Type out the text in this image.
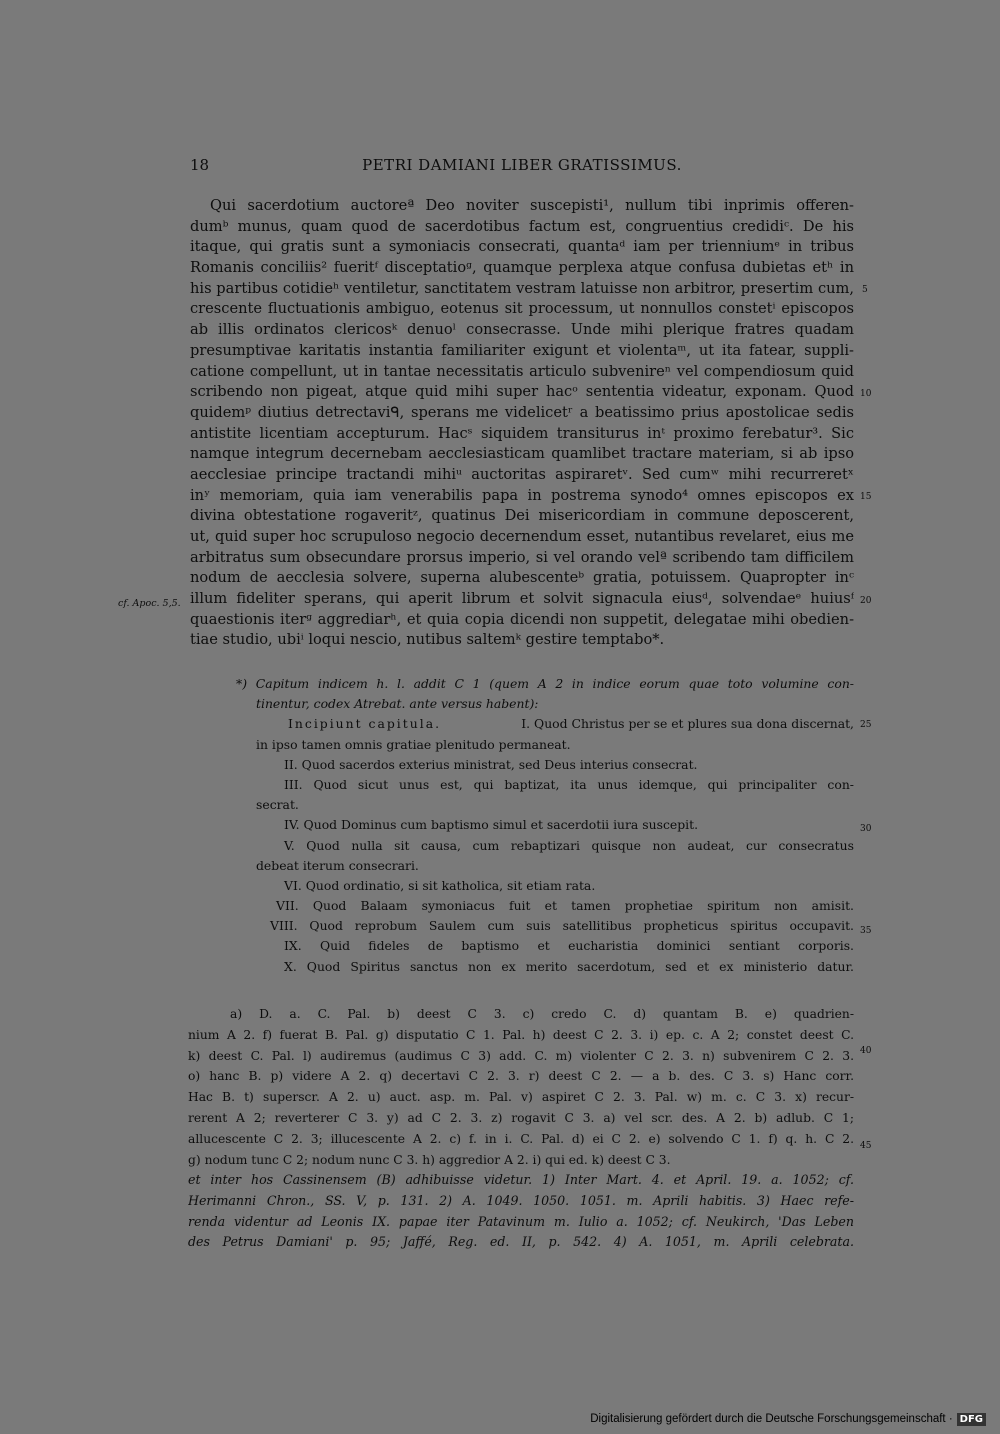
18	PETRI DAMIANI LIBER GRATISSIMUS.
Qui sacerdotium auctoreª Deo noviter suscepisti¹, nullum tibi inprimis offeren-
dumᵇ munus, quam quod de sacerdotibus factum est, congruentius credidiᶜ. De his
itaque, qui gratis sunt a symoniacis consecrati, quantaᵈ iam per trienniumᵉ in tribus
Romanis conciliis² fueritᶠ disceptatioᵍ, quamque perplexa atque confusa dubietas etʰ in
his partibus cotidieʰ ventiletur, sanctitatem vestram latuisse non arbitror, presertim cum,
crescente fluctuationis ambiguo, eotenus sit processum, ut nonnullos constetⁱ episcopos
ab illis ordinatos clericosᵏ denuoˡ consecrasse. Unde mihi plerique fratres quadam
presumptivae karitatis instantia familiariter exigunt et violentaᵐ, ut ita fatear, suppli-
catione compellunt, ut in tantae necessitatis articulo subvenireⁿ vel compendiosum quid
scribendo non pigeat, atque quid mihi super hacᵒ sententia videatur, exponam. Quod
quidemᵖ diutius detrectaviᑫ, sperans me videlicetʳ a beatissimo prius apostolicae sedis
antistite licentiam accepturum. Hacˢ siquidem transiturus inᵗ proximo ferebatur³. Sic
namque integrum decernebam aecclesiasticam quamlibet tractare materiam, si ab ipso
aecclesiae principe tractandi mihiᵘ auctoritas aspiraretᵛ. Sed cumʷ mihi recurreretˣ
inʸ memoriam, quia iam venerabilis papa in postrema synodo⁴ omnes episcopos ex
divina obtestatione rogaveritᶻ, quatinus Dei misericordiam in commune deposcerent,
ut, quid super hoc scrupuloso negocio decernendum esset, nutantibus revelaret, eius me
arbitratus sum obsecundare prorsus imperio, si vel orando velª scribendo tam difficilem
nodum de aecclesia solvere, superna alubescenteᵇ gratia, potuissem. Quapropter inᶜ
illum fideliter sperans, qui aperit librum et solvit signacula eiusᵈ, solvendaeᵉ huiusᶠ
quaestionis iterᵍ aggrediarʰ, et quia copia dicendi non suppetit, delegatae mihi obedien-
tiae studio, ubiⁱ loqui nescio, nutibus saltemᵏ gestire temptabo*.
5
10
15
20
cf. Apoc. 5,5.
*) Capitum indicem h. l. addit C 1 (quem A 2 in indice eorum quae toto volumine con-
tinentur, codex Atrebat. ante versus habent):
Incipiunt capitula.	I. Quod Christus per se et plures sua dona discernat,
in ipso tamen omnis gratiae plenitudo permaneat.
II. Quod sacerdos exterius ministrat, sed Deus interius consecrat.
III. Quod sicut unus est, qui baptizat, ita unus idemque, qui principaliter con-
secrat.
IV. Quod Dominus cum baptismo simul et sacerdotii iura suscepit.
V. Quod nulla sit causa, cum rebaptizari quisque non audeat, cur consecratus
debeat iterum consecrari.
VI. Quod ordinatio, si sit katholica, sit etiam rata.
VII. Quod Balaam symoniacus fuit et tamen prophetiae spiritum non amisit.
VIII. Quod reprobum Saulem cum suis satellitibus propheticus spiritus occupavit.
IX. Quid fideles de baptismo et eucharistia dominici sentiant corporis.
X. Quod Spiritus sanctus non ex merito sacerdotum, sed et ex ministerio datur.
25
30
35
a) D. a. C. Pal. b) deest C 3. c) credo C. d) quantam B. e) quadrien-
nium A 2. f) fuerat B. Pal. g) disputatio C 1. Pal. h) deest C 2. 3. i) ep. c. A 2; constet deest C.
k) deest C. Pal. l) audiremus (audimus C 3) add. C. m) violenter C 2. 3. n) subvenirem C 2. 3.
o) hanc B. p) videre A 2. q) decertavi C 2. 3. r) deest C 2. — a b. des. C 3. s) Hanc corr.
Hac B. t) superscr. A 2. u) auct. asp. m. Pal. v) aspiret C 2. 3. Pal. w) m. c. C 3. x) recur-
rerent A 2; reverterer C 3. y) ad C 2. 3. z) rogavit C 3. a) vel scr. des. A 2. b) adlub. C 1;
allucescente C 2. 3; illucescente A 2. c) f. in i. C. Pal. d) ei C 2. e) solvendo C 1. f) q. h. C 2.
g) nodum tunc C 2; nodum nunc C 3. h) aggredior A 2. i) qui ed. k) deest C 3.
40
45
et inter hos Cassinensem (B) adhibuisse videtur. 1) Inter Mart. 4. et April. 19. a. 1052; cf.
Herimanni Chron., SS. V, p. 131. 2) A. 1049. 1050. 1051. m. Aprili habitis. 3) Haec refe-
renda videntur ad Leonis IX. papae iter Patavinum m. Iulio a. 1052; cf. Neukirch, 'Das Leben
des Petrus Damiani' p. 95; Jaffé, Reg. ed. II, p. 542. 4) A. 1051, m. Aprili celebrata.
Digitalisierung gefördert durch die Deutsche Forschungsgemeinschaft · DFG
